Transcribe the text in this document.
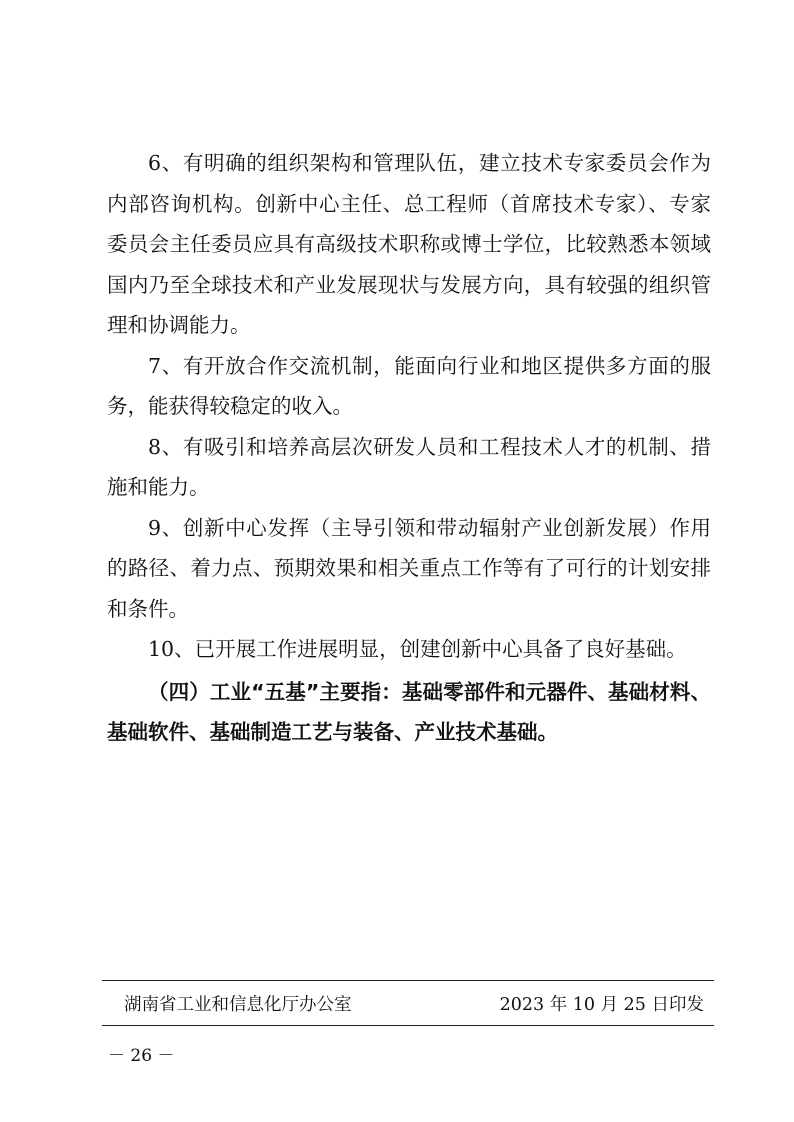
6、有明确的组织架构和管理队伍，建立技术专家委员会作为内部咨询机构。创新中心主任、总工程师（首席技术专家）、专家委员会主任委员应具有高级技术职称或博士学位，比较熟悉本领域国内乃至全球技术和产业发展现状与发展方向，具有较强的组织管理和协调能力。

7、有开放合作交流机制，能面向行业和地区提供多方面的服务，能获得较稳定的收入。

8、有吸引和培养高层次研发人员和工程技术人才的机制、措施和能力。

9、创新中心发挥（主导引领和带动辐射产业创新发展）作用的路径、着力点、预期效果和相关重点工作等有了可行的计划安排和条件。

10、已开展工作进展明显，创建创新中心具备了良好基础。

（四）工业“五基”主要指：基础零部件和元器件、基础材料、基础软件、基础制造工艺与装备、产业技术基础。

湖南省工业和信息化厅办公室	2023 年 10 月 25 日印发
－ 26 －
